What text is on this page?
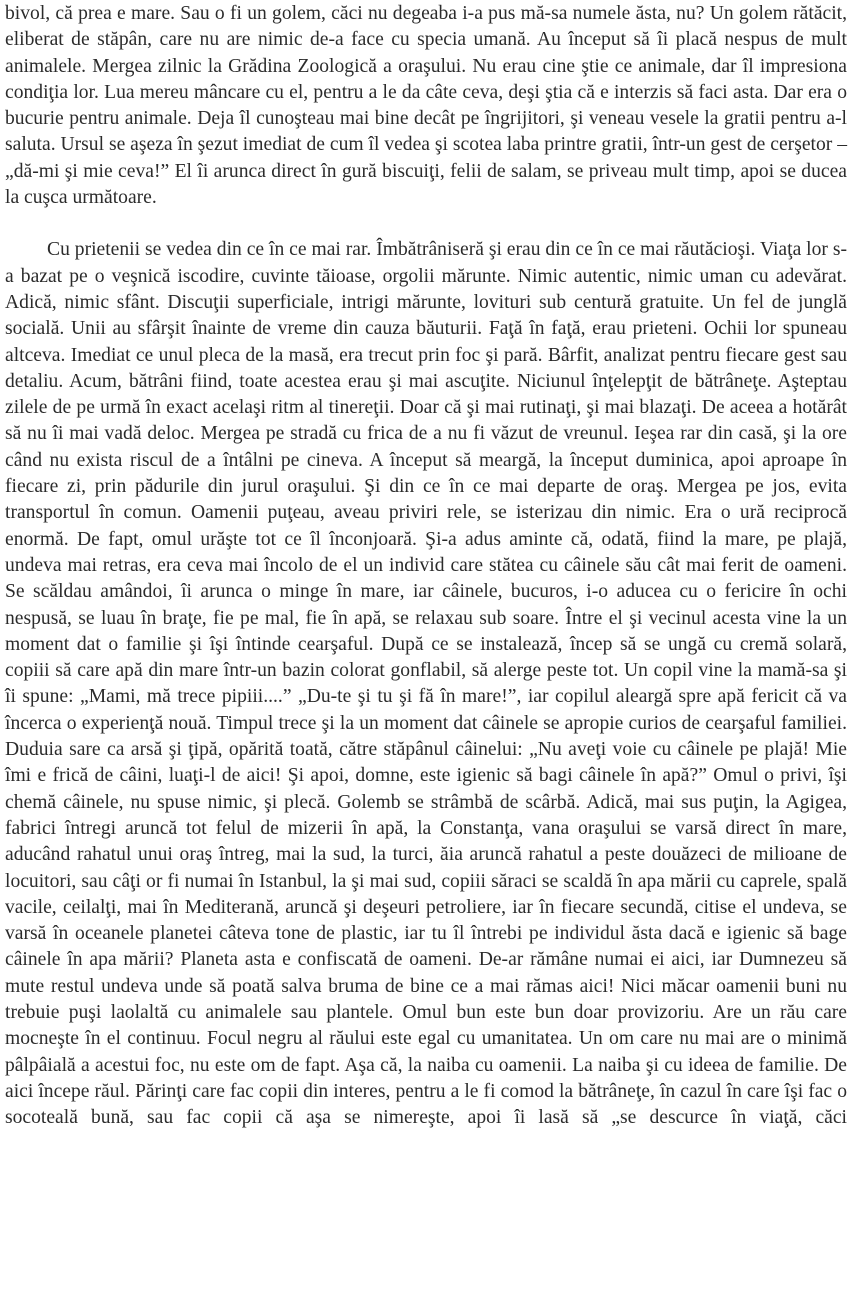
bivol, că prea e mare. Sau o fi un golem, căci nu degeaba i-a pus mă-sa numele ăsta, nu? Un golem rătăcit, eliberat de stăpân, care nu are nimic de-a face cu specia umană. Au început să îi placă nespus de mult animalele. Mergea zilnic la Grădina Zoologică a oraşului. Nu erau cine ştie ce animale, dar îl impresiona condiţia lor. Lua mereu mâncare cu el, pentru a le da câte ceva, deşi ştia că e interzis să faci asta. Dar era o bucurie pentru animale. Deja îl cunoşteau mai bine decât pe îngrijitori, şi veneau vesele la gratii pentru a-l saluta. Ursul se aşeza în şezut imediat de cum îl vedea şi scotea laba printre gratii, într-un gest de cerşetor – „dă-mi şi mie ceva!” El îi arunca direct în gură biscuiţi, felii de salam, se priveau mult timp, apoi se ducea la cuşca următoare.

Cu prietenii se vedea din ce în ce mai rar. Îmbătrâniseră şi erau din ce în ce mai răutăcioşi. Viaţa lor s-a bazat pe o veşnică iscodire, cuvinte tăioase, orgolii mărunte. Nimic autentic, nimic uman cu adevărat. Adică, nimic sfânt. Discuţii superficiale, intrigi mărunte, lovituri sub centură gratuite. Un fel de junglă socială. Unii au sfârşit înainte de vreme din cauza băuturii. Faţă în faţă, erau prieteni. Ochii lor spuneau altceva. Imediat ce unul pleca de la masă, era trecut prin foc şi pară. Bârfit, analizat pentru fiecare gest sau detaliu. Acum, bătrâni fiind, toate acestea erau şi mai ascuţite. Niciunul înţelepţit de bătrâneţe. Aşteptau zilele de pe urmă în exact acelaşi ritm al tinereţii. Doar că şi mai rutinaţi, şi mai blazaţi. De aceea a hotărât să nu îi mai vadă deloc. Mergea pe stradă cu frica de a nu fi văzut de vreunul. Ieşea rar din casă, şi la ore când nu exista riscul de a întâlni pe cineva. A început să meargă, la început duminica, apoi aproape în fiecare zi, prin pădurile din jurul oraşului. Şi din ce în ce mai departe de oraş. Mergea pe jos, evita transportul în comun. Oamenii puţeau, aveau priviri rele, se isterizau din nimic. Era o ură reciprocă enormă. De fapt, omul urăşte tot ce îl înconjoară. Şi-a adus aminte că, odată, fiind la mare, pe plajă, undeva mai retras, era ceva mai încolo de el un individ care stătea cu câinele său cât mai ferit de oameni. Se scăldau amândoi, îi arunca o minge în mare, iar câinele, bucuros, i-o aducea cu o fericire în ochi nespusă, se luau în braţe, fie pe mal, fie în apă, se relaxau sub soare. Între el şi vecinul acesta vine la un moment dat o familie şi îşi întinde cearşaful. După ce se instalează, încep să se ungă cu cremă solară, copiii să care apă din mare într-un bazin colorat gonflabil, să alerge peste tot. Un copil vine la mamă-sa şi îi spune: „Mami, mă trece pipiii....” „Du-te şi tu şi fă în mare!”, iar copilul aleargă spre apă fericit că va încerca o experienţă nouă. Timpul trece şi la un moment dat câinele se apropie curios de cearşaful familiei. Duduia sare ca arsă şi ţipă, opărită toată, către stăpânul câinelui: „Nu aveţi voie cu câinele pe plajă! Mie îmi e frică de câini, luaţi-l de aici! Şi apoi, domne, este igienic să bagi câinele în apă?” Omul o privi, îşi chemă câinele, nu spuse nimic, şi plecă. Golemb se strâmbă de scârbă. Adică, mai sus puţin, la Agigea, fabrici întregi aruncă tot felul de mizerii în apă, la Constanţa, vana oraşului se varsă direct în mare, aducând rahatul unui oraş întreg, mai la sud, la turci, ăia aruncă rahatul a peste douăzeci de milioane de locuitori, sau câţi or fi numai în Istanbul, la şi mai sud, copiii săraci se scaldă în apa mării cu caprele, spală vacile, ceilalţi, mai în Mediterană, aruncă şi deşeuri petroliere, iar în fiecare secundă, citise el undeva, se varsă în oceanele planetei câteva tone de plastic, iar tu îl întrebi pe individul ăsta dacă e igienic să bage câinele în apa mării? Planeta asta e confiscată de oameni. De-ar rămâne numai ei aici, iar Dumnezeu să mute restul undeva unde să poată salva bruma de bine ce a mai rămas aici! Nici măcar oamenii buni nu trebuie puşi laolaltă cu animalele sau plantele. Omul bun este bun doar provizoriu. Are un rău care mocneşte în el continuu. Focul negru al răului este egal cu umanitatea. Un om care nu mai are o minimă pâlpâială a acestui foc, nu este om de fapt. Aşa că, la naiba cu oamenii. La naiba şi cu ideea de familie. De aici începe răul. Părinţi care fac copii din interes, pentru a le fi comod la bătrâneţe, în cazul în care îşi fac o socoteală bună, sau fac copii că aşa se nimereşte, apoi îi lasă să „se descurce în viaţă, căci
